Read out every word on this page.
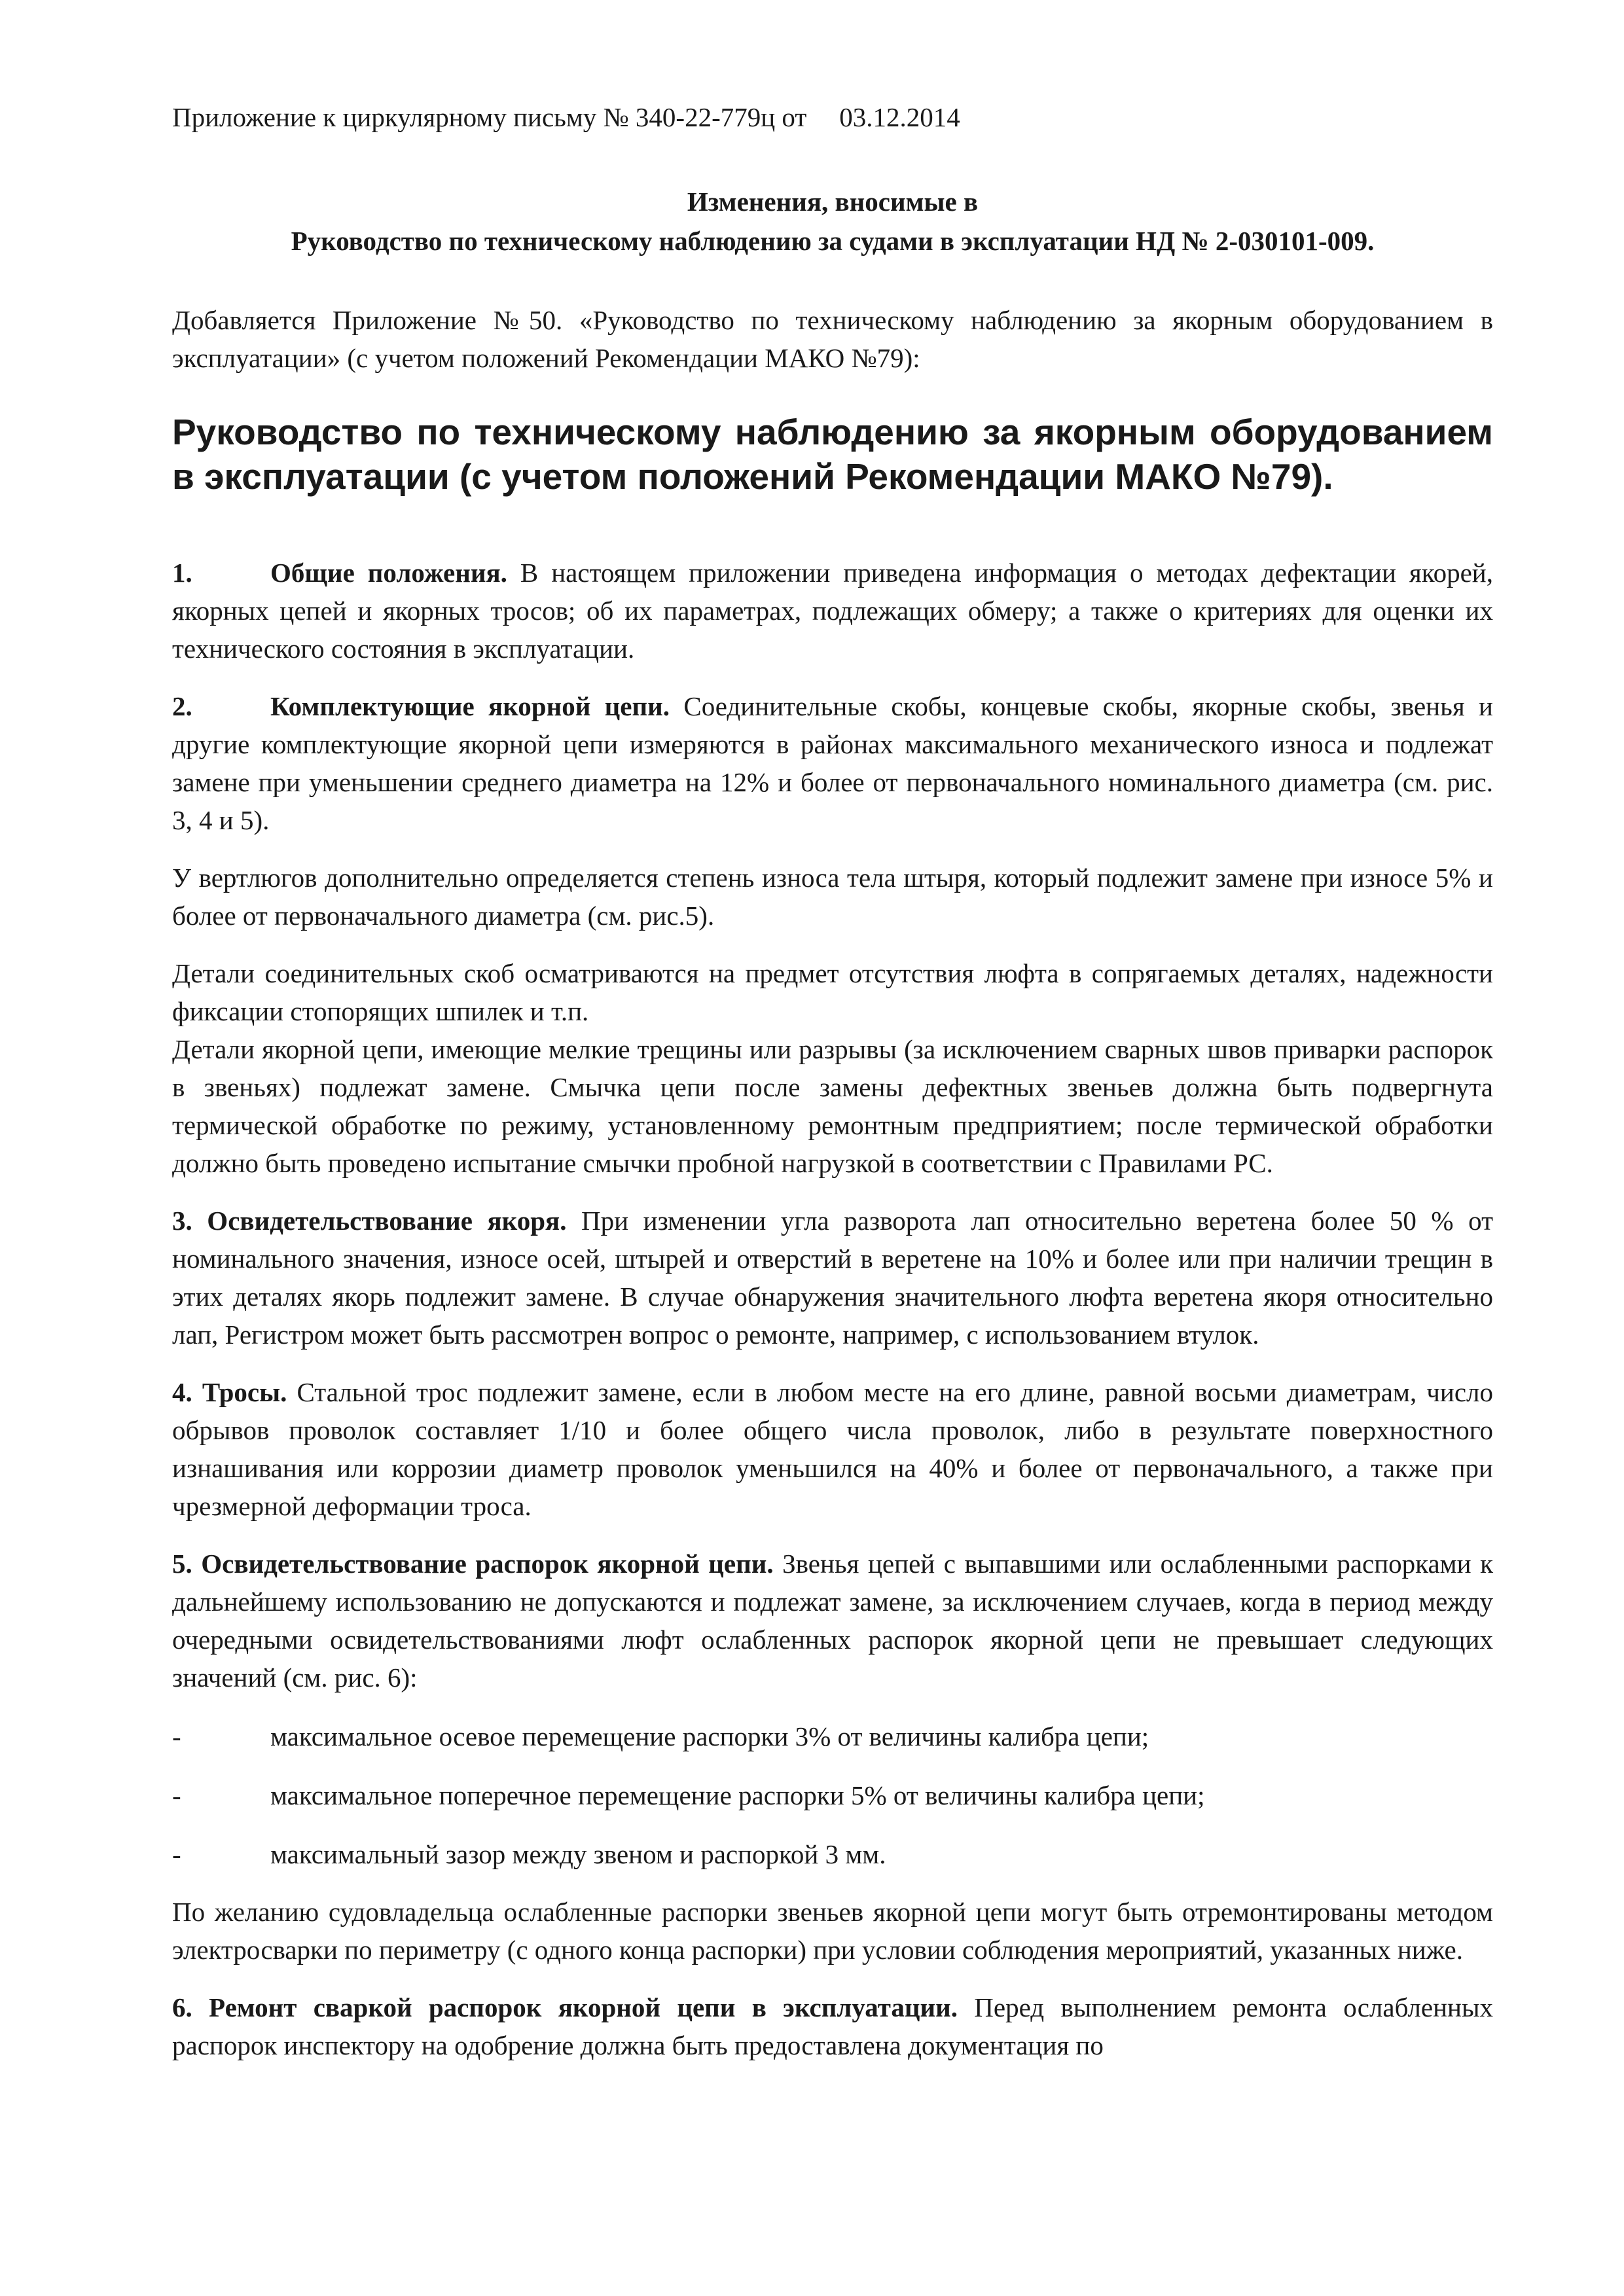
Приложение к циркулярному письму № 340-22-779ц от 03.12.2014

Изменения, вносимые в
Руководство по техническому наблюдению за судами в эксплуатации НД № 2-030101-009.

Добавляется Приложение №50. «Руководство по техническому наблюдению за якорным оборудованием в эксплуатации» (с учетом положений Рекомендации МАКО №79):

Руководство по техническому наблюдению за якорным оборудованием в эксплуатации (с учетом положений Рекомендации МАКО №79).

1.	Общие положения. В настоящем приложении приведена информация о методах дефектации якорей, якорных цепей и якорных тросов; об их параметрах, подлежащих обмеру; а также о критериях для оценки их технического состояния в эксплуатации.

2.	Комплектующие якорной цепи. Соединительные скобы, концевые скобы, якорные скобы, звенья и другие комплектующие якорной цепи измеряются в районах максимального механического износа и подлежат замене при уменьшении среднего диаметра на 12% и более от первоначального номинального диаметра (см. рис. 3, 4 и 5).

У вертлюгов дополнительно определяется степень износа тела штыря, который подлежит замене при износе 5% и более от первоначального диаметра (см. рис.5).

Детали соединительных скоб осматриваются на предмет отсутствия люфта в сопрягаемых деталях, надежности фиксации стопорящих шпилек и т.п.

Детали якорной цепи, имеющие мелкие трещины или разрывы (за исключением сварных швов приварки распорок в звеньях) подлежат замене. Смычка цепи после замены дефектных звеньев должна быть подвергнута термической обработке по режиму, установленному ремонтным предприятием; после термической обработки должно быть проведено испытание смычки пробной нагрузкой в соответствии с Правилами РС.

3. Освидетельствование якоря. При изменении угла разворота лап относительно веретена более 50 % от номинального значения, износе осей, штырей и отверстий в веретене на 10% и более или при наличии трещин в этих деталях якорь подлежит замене. В случае обнаружения значительного люфта веретена якоря относительно лап, Регистром может быть рассмотрен вопрос о ремонте, например, с использованием втулок.

4. Тросы. Стальной трос подлежит замене, если в любом месте на его длине, равной восьми диаметрам, число обрывов проволок составляет 1/10 и более общего числа проволок, либо в результате поверхностного изнашивания или коррозии диаметр проволок уменьшился на 40% и более от первоначального, а также при чрезмерной деформации троса.

5. Освидетельствование распорок якорной цепи. Звенья цепей с выпавшими или ослабленными распорками к дальнейшему использованию не допускаются и подлежат замене, за исключением случаев, когда в период между очередными освидетельствованиями люфт ослабленных распорок якорной цепи не превышает следующих значений (см. рис. 6):

-	максимальное осевое перемещение распорки 3% от величины калибра цепи;
-	максимальное поперечное перемещение распорки 5% от величины калибра цепи;
-	максимальный зазор между звеном и распоркой 3 мм.

По желанию судовладельца ослабленные распорки звеньев якорной цепи могут быть отремонтированы методом электросварки по периметру (с одного конца распорки) при условии соблюдения мероприятий, указанных ниже.

6. Ремонт сваркой распорок якорной цепи в эксплуатации. Перед выполнением ремонта ослабленных распорок инспектору на одобрение должна быть предоставлена документация по
